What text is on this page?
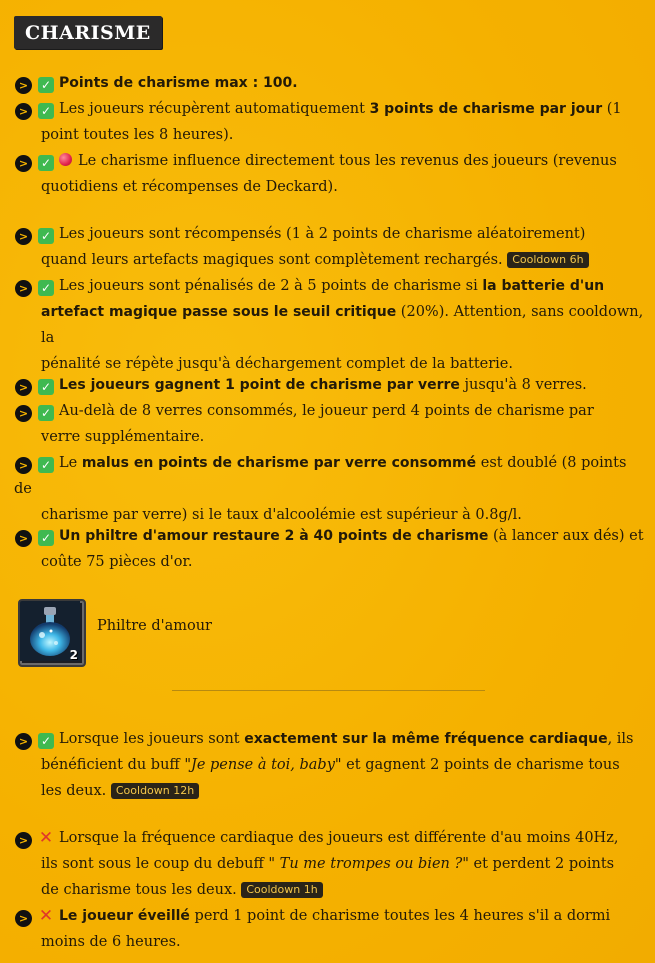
CHARISME
> ✓ Points de charisme max : 100.
> ✓ Les joueurs récupèrent automatiquement 3 points de charisme par jour (1
point toutes les 8 heures).
> ✓ Le charisme influence directement tous les revenus des joueurs (revenus
quotidiens et récompenses de Deckard).
> ✓ Les joueurs sont récompensés (1 à 2 points de charisme aléatoirement)
quand leurs artefacts magiques sont complètement rechargés. Cooldown 6h
> ✓ Les joueurs sont pénalisés de 2 à 5 points de charisme si la batterie d'un
artefact magique passe sous le seuil critique (20%). Attention, sans cooldown, la
pénalité se répète jusqu'à déchargement complet de la batterie.
> ✓ Les joueurs gagnent 1 point de charisme par verre jusqu'à 8 verres.
> ✓ Au-delà de 8 verres consommés, le joueur perd 4 points de charisme par
verre supplémentaire.
> ✓ Le malus en points de charisme par verre consommé est doublé (8 points de
charisme par verre) si le taux d'alcoolémie est supérieur à 0.8g/l.
> ✓ Un philtre d'amour restaure 2 à 40 points de charisme (à lancer aux dés) et
coûte 75 pièces d'or.
2
Philtre d'amour
> ✓ Lorsque les joueurs sont exactement sur la même fréquence cardiaque, ils
bénéficient du buff "Je pense à toi, baby" et gagnent 2 points de charisme tous
les deux. Cooldown 12h
> ✕ Lorsque la fréquence cardiaque des joueurs est différente d'au moins 40Hz,
ils sont sous le coup du debuff " Tu me trompes ou bien ?" et perdent 2 points
de charisme tous les deux. Cooldown 1h
> ✕ Le joueur éveillé perd 1 point de charisme toutes les 4 heures s'il a dormi
moins de 6 heures.
